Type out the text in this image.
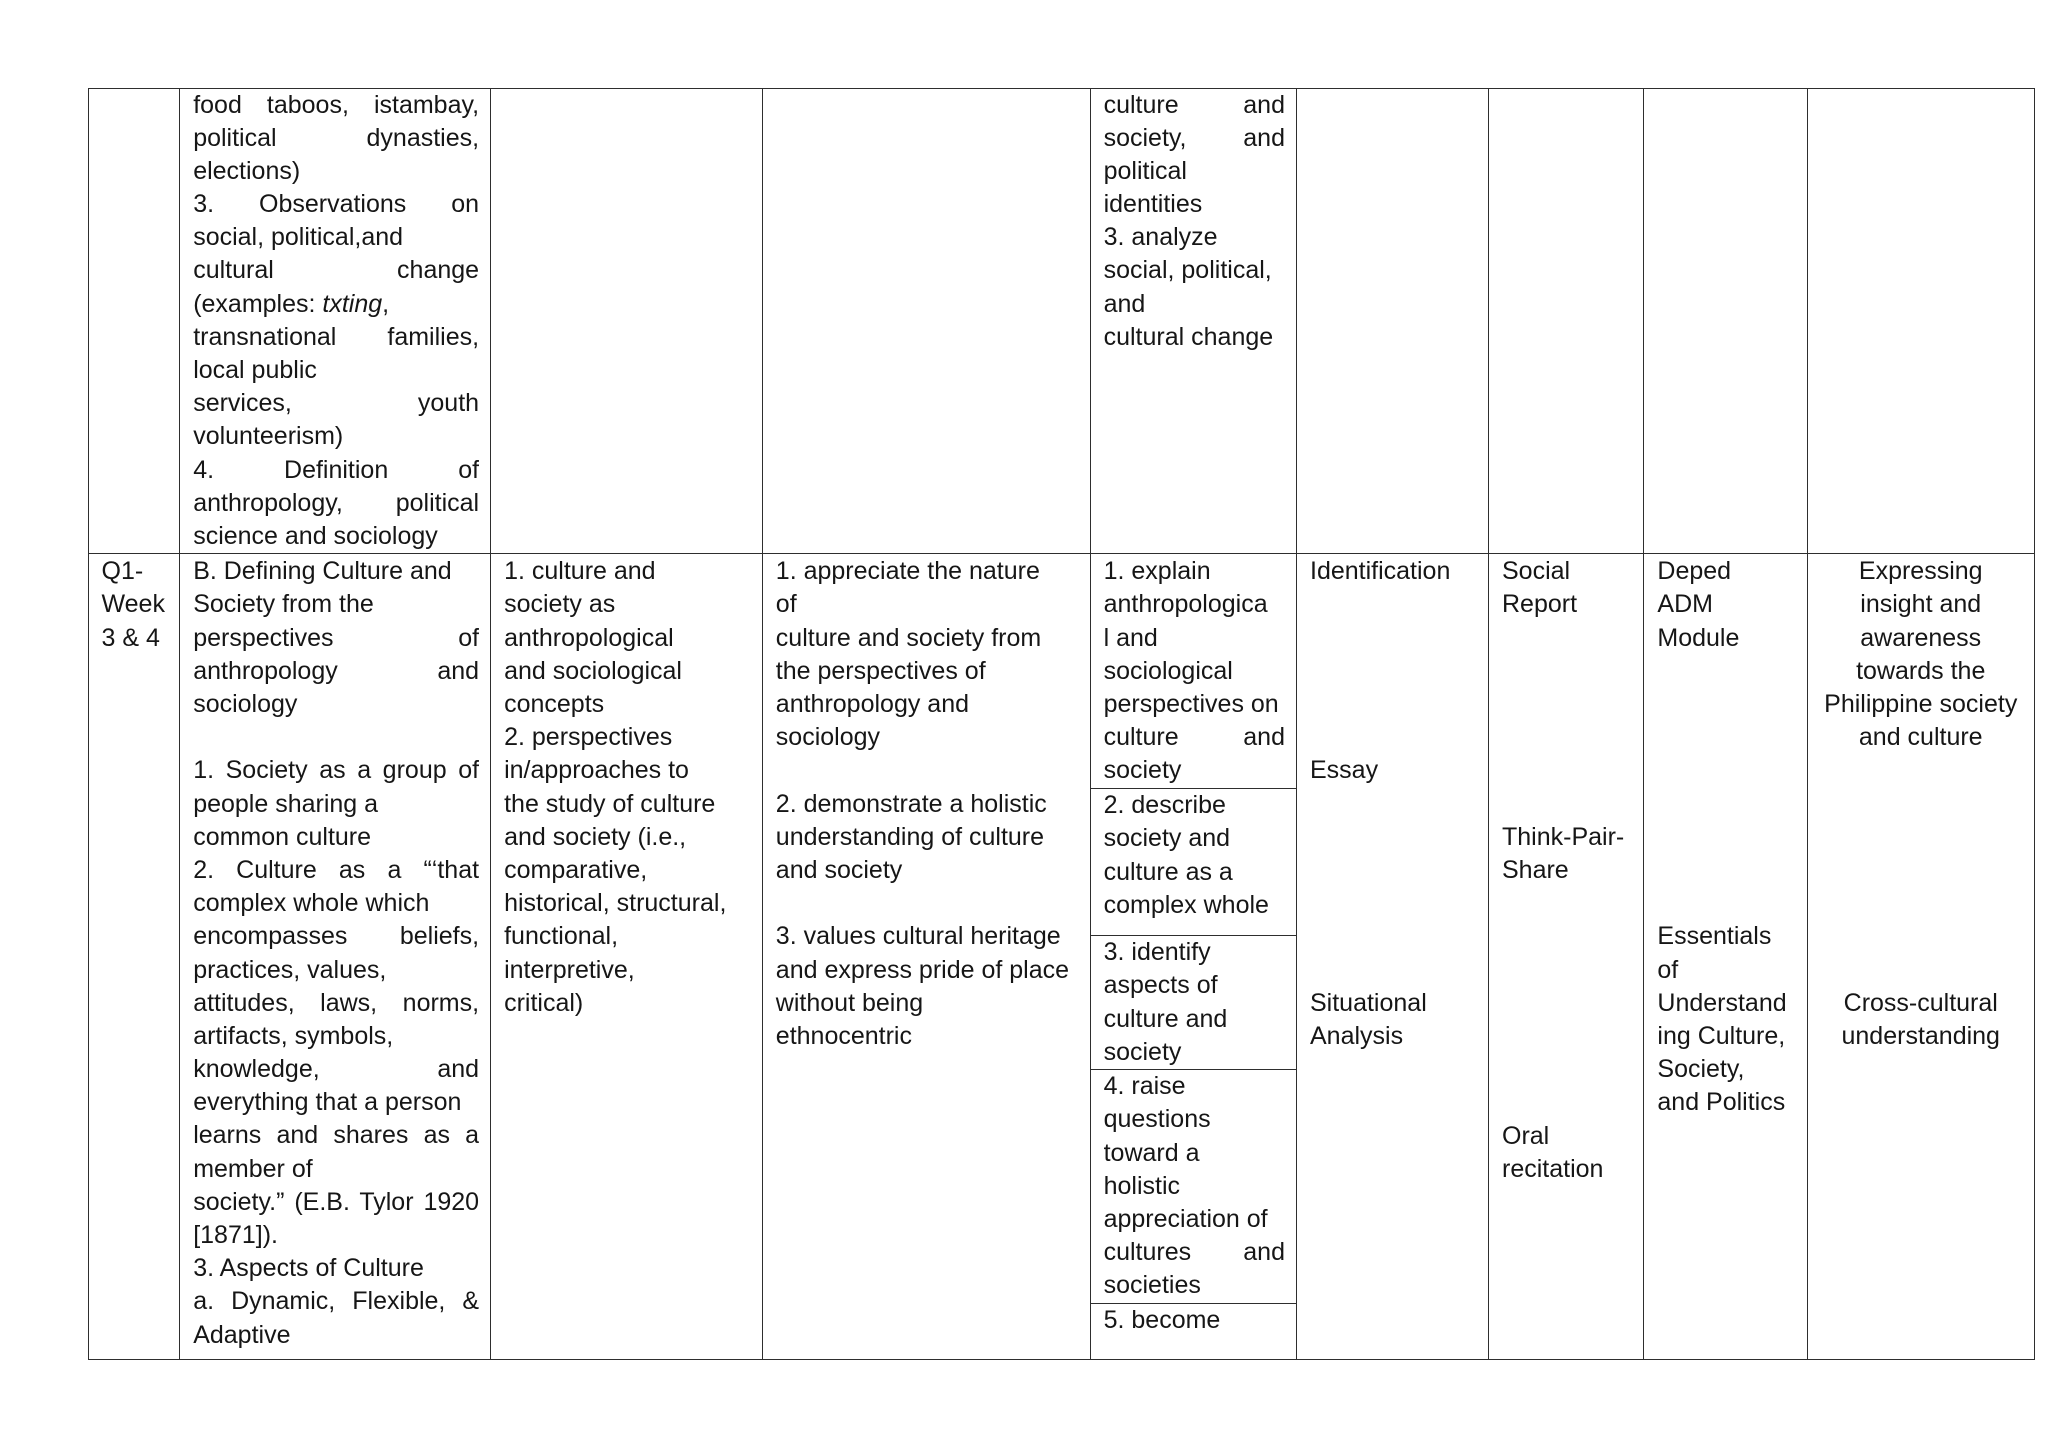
food taboos, istambay,
political dynasties,
elections)
3. Observations on
social, political,and
cultural change
(examples: txting,
transnational families,
local public
services, youth
volunteerism)
4. Definition of
anthropology, political
science and sociology
culture and
society, and
political
identities
3. analyze
social, political,
and
cultural change
Q1-
Week
3 & 4
B. Defining Culture and
Society from the
perspectives of
anthropology and
sociology
1. Society as a group of
people sharing a
common culture
2. Culture as a “‘that
complex whole which
encompasses beliefs,
practices, values,
attitudes, laws, norms,
artifacts, symbols,
knowledge, and
everything that a person
learns and shares as a
member of
society.” (E.B. Tylor 1920
[1871]).
3. Aspects of Culture
a. Dynamic, Flexible, &
Adaptive
1. culture and
society as
anthropological
and sociological
concepts
2. perspectives
in/approaches to
the study of culture
and society (i.e.,
comparative,
historical, structural,
functional,
interpretive,
critical)
1. appreciate the nature
of
culture and society from
the perspectives of
anthropology and
sociology
2. demonstrate a holistic
understanding of culture
and society
3. values cultural heritage
and express pride of place
without being
ethnocentric
1. explain
anthropologica
l and
sociological
perspectives on
culture and
society
2. describe
society and
culture as a
complex whole
3. identify
aspects of
culture and
society
4. raise
questions
toward a
holistic
appreciation of
cultures and
societies
5. become
Identification
Essay
Situational
Analysis
Social
Report
Think-Pair-
Share
Oral
recitation
Deped
ADM
Module
Essentials
of
Understand
ing Culture,
Society,
and Politics
Expressing
insight and
awareness
towards the
Philippine society
and culture
Cross-cultural
understanding
